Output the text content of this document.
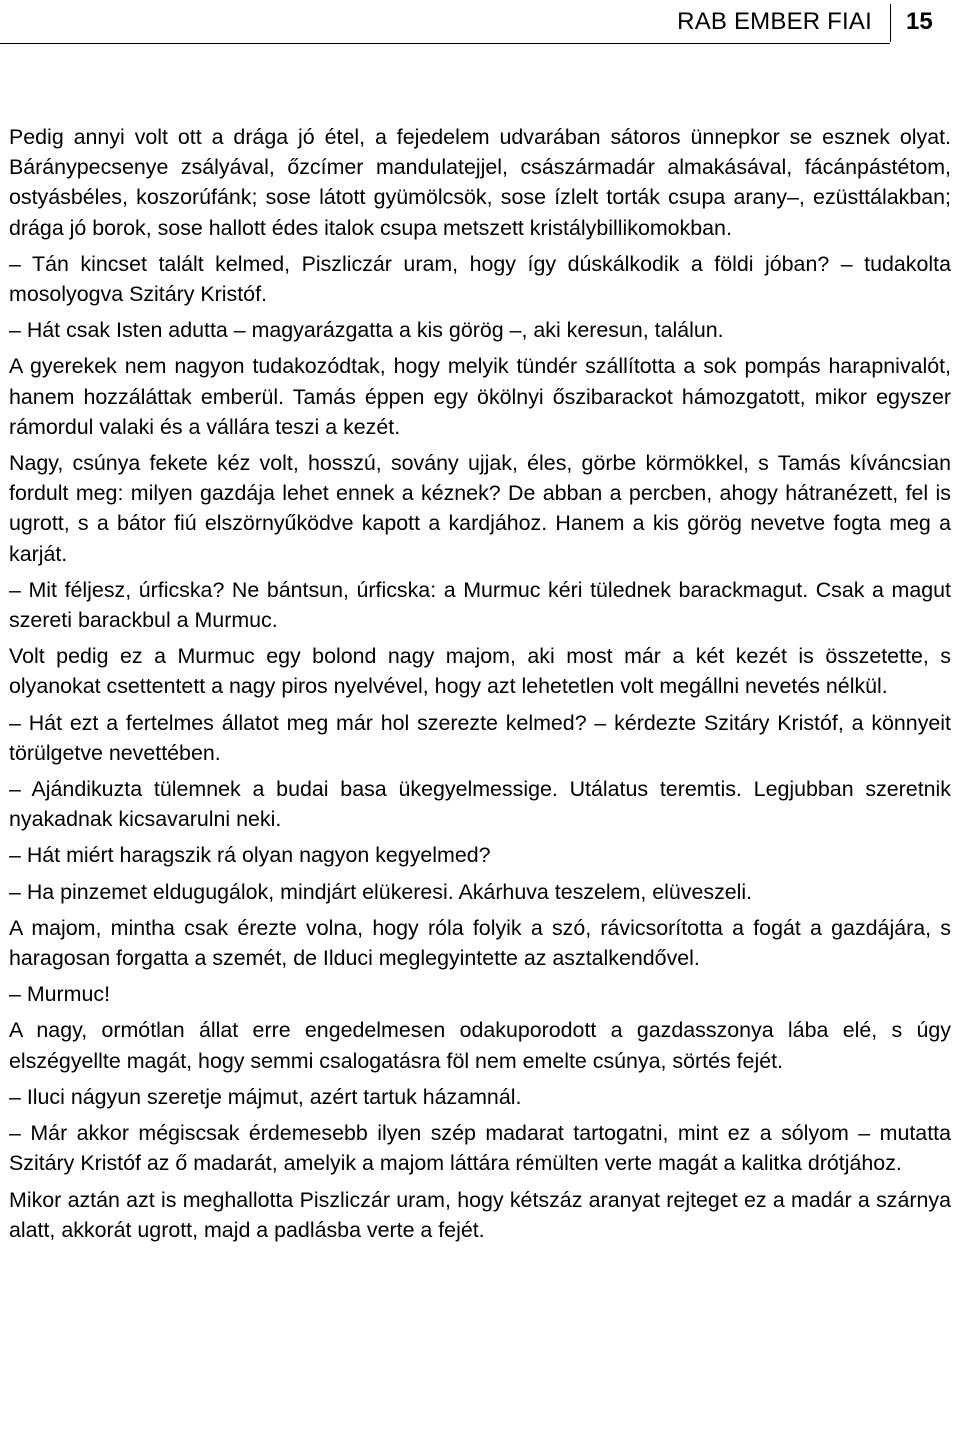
RAB EMBER FIAI 15

Pedig annyi volt ott a drága jó étel, a fejedelem udvarában sátoros ünnepkor se esznek olyat. Báránypecsenye zsályával, őzcímer mandulatejjel, császármadár almakásával, fácánpástétom, ostyásbéles, koszorúfánk; sose látott gyümölcsök, sose ízlelt torták csupa arany–, ezüsttálakban; drága jó borok, sose hallott édes italok csupa metszett kristálybillikomokban.

– Tán kincset talált kelmed, Piszliczár uram, hogy így dúskálkodik a földi jóban? – tudakolta mosolyogva Szitáry Kristóf.

– Hát csak Isten adutta – magyarázgatta a kis görög –, aki keresun, találun.

A gyerekek nem nagyon tudakozódtak, hogy melyik tündér szállította a sok pompás harapnivalót, hanem hozzáláttak emberül. Tamás éppen egy ökölnyi őszibarackot hámozgatott, mikor egyszer rámordul valaki és a vállára teszi a kezét.

Nagy, csúnya fekete kéz volt, hosszú, sovány ujjak, éles, görbe körmökkel, s Tamás kíváncsian fordult meg: milyen gazdája lehet ennek a kéznek? De abban a percben, ahogy hátranézett, fel is ugrott, s a bátor fiú elszörnyűködve kapott a kardjához. Hanem a kis görög nevetve fogta meg a karját.

– Mit féljesz, úrficska? Ne bántsun, úrficska: a Murmuc kéri tülednek barackmagut. Csak a magut szereti barackbul a Murmuc.

Volt pedig ez a Murmuc egy bolond nagy majom, aki most már a két kezét is összetette, s olyanokat csettentett a nagy piros nyelvével, hogy azt lehetetlen volt megállni nevetés nélkül.

– Hát ezt a fertelmes állatot meg már hol szerezte kelmed? – kérdezte Szitáry Kristóf, a könnyeit törülgetve nevettében.

– Ajándikuzta tülemnek a budai basa ükegyelmessige. Utálatus teremtis. Legjubban szeretnik nyakadnak kicsavarulni neki.

– Hát miért haragszik rá olyan nagyon kegyelmed?

– Ha pinzemet eldugugálok, mindjárt elükeresi. Akárhuva teszelem, elüveszeli.

A majom, mintha csak érezte volna, hogy róla folyik a szó, rávicsorította a fogát a gazdájára, s haragosan forgatta a szemét, de Ilduci meglegyintette az asztalkendővel.

– Murmuc!

A nagy, ormótlan állat erre engedelmesen odakuporodott a gazdasszonya lába elé, s úgy elszégyellte magát, hogy semmi csalogatásra föl nem emelte csúnya, sörtés fejét.

– Iluci nágyun szeretje májmut, azért tartuk házamnál.

– Már akkor mégiscsak érdemesebb ilyen szép madarat tartogatni, mint ez a sólyom – mutatta Szitáry Kristóf az ő madarát, amelyik a majom láttára rémülten verte magát a kalitka drótjához.

Mikor aztán azt is meghallotta Piszliczár uram, hogy kétszáz aranyat rejteget ez a madár a szárnya alatt, akkorát ugrott, majd a padlásba verte a fejét.
